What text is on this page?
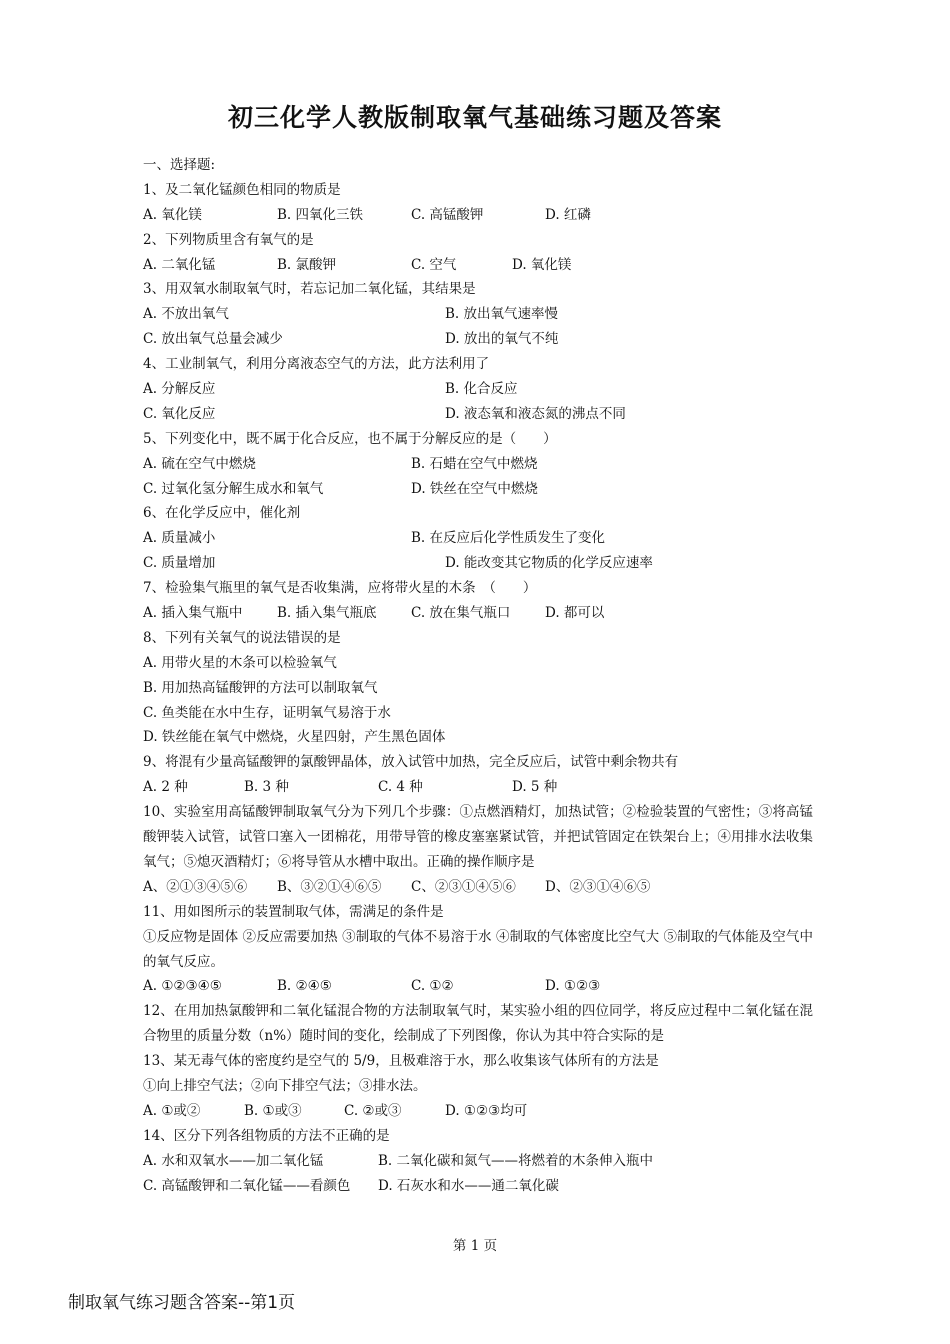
初三化学人教版制取氧气基础练习题及答案
一、选择题:
1、及二氧化锰颜色相同的物质是
A. 氧化镁	B. 四氧化三铁	C. 高锰酸钾	D. 红磷
2、下列物质里含有氧气的是
A. 二氧化锰	B. 氯酸钾	C. 空气	D. 氧化镁
3、用双氧水制取氧气时，若忘记加二氧化锰，其结果是
A. 不放出氧气	B. 放出氧气速率慢
C. 放出氧气总量会减少	D. 放出的氧气不纯
4、工业制氧气，利用分离液态空气的方法，此方法利用了
A. 分解反应	B. 化合反应
C. 氧化反应	D. 液态氧和液态氮的沸点不同
5、下列变化中，既不属于化合反应，也不属于分解反应的是（　　）
A. 硫在空气中燃烧	B. 石蜡在空气中燃烧
C. 过氧化氢分解生成水和氧气	D. 铁丝在空气中燃烧
6、在化学反应中，催化剂
A. 质量减小	B. 在反应后化学性质发生了变化
C. 质量增加	D. 能改变其它物质的化学反应速率
7、检验集气瓶里的氧气是否收集满，应将带火星的木条　（　　）
A. 插入集气瓶中	B. 插入集气瓶底	C. 放在集气瓶口	D. 都可以
8、下列有关氧气的说法错误的是
A. 用带火星的木条可以检验氧气
B. 用加热高锰酸钾的方法可以制取氧气
C. 鱼类能在水中生存，证明氧气易溶于水
D. 铁丝能在氧气中燃烧，火星四射，产生黑色固体
9、将混有少量高锰酸钾的氯酸钾晶体，放入试管中加热，完全反应后，试管中剩余物共有
A. 2 种	B. 3 种	C. 4 种	D. 5 种
10、实验室用高锰酸钾制取氧气分为下列几个步骤：①点燃酒精灯，加热试管；②检验装置的气密性；③将高锰酸钾装入试管，试管口塞入一团棉花，用带导管的橡皮塞塞紧试管，并把试管固定在铁架台上；④用排水法收集氧气；⑤熄灭酒精灯；⑥将导管从水槽中取出。正确的操作顺序是
A、②①③④⑤⑥ B、③②①④⑥⑤ C、②③①④⑤⑥ D、②③①④⑥⑤
11、用如图所示的装置制取气体，需满足的条件是
①反应物是固体 ②反应需要加热 ③制取的气体不易溶于水 ④制取的气体密度比空气大 ⑤制取的气体能及空气中的氧气反应。
A. ①②③④⑤	B. ②④⑤	C. ①②	D. ①②③
12、在用加热氯酸钾和二氧化锰混合物的方法制取氧气时，某实验小组的四位同学，将反应过程中二氧化锰在混合物里的质量分数（n%）随时间的变化，绘制成了下列图像，你认为其中符合实际的是
13、某无毒气体的密度约是空气的 5/9，且极难溶于水，那么收集该气体所有的方法是
①向上排空气法；②向下排空气法；③排水法。
A. ①或②	B. ①或③	C. ②或③	D. ①②③均可
14、区分下列各组物质的方法不正确的是
A. 水和双氧水——加二氧化锰	B. 二氧化碳和氮气——将燃着的木条伸入瓶中
C. 高锰酸钾和二氧化锰——看颜色 D. 石灰水和水——通二氧化碳
第 1 页
制取氧气练习题含答案--第1页
